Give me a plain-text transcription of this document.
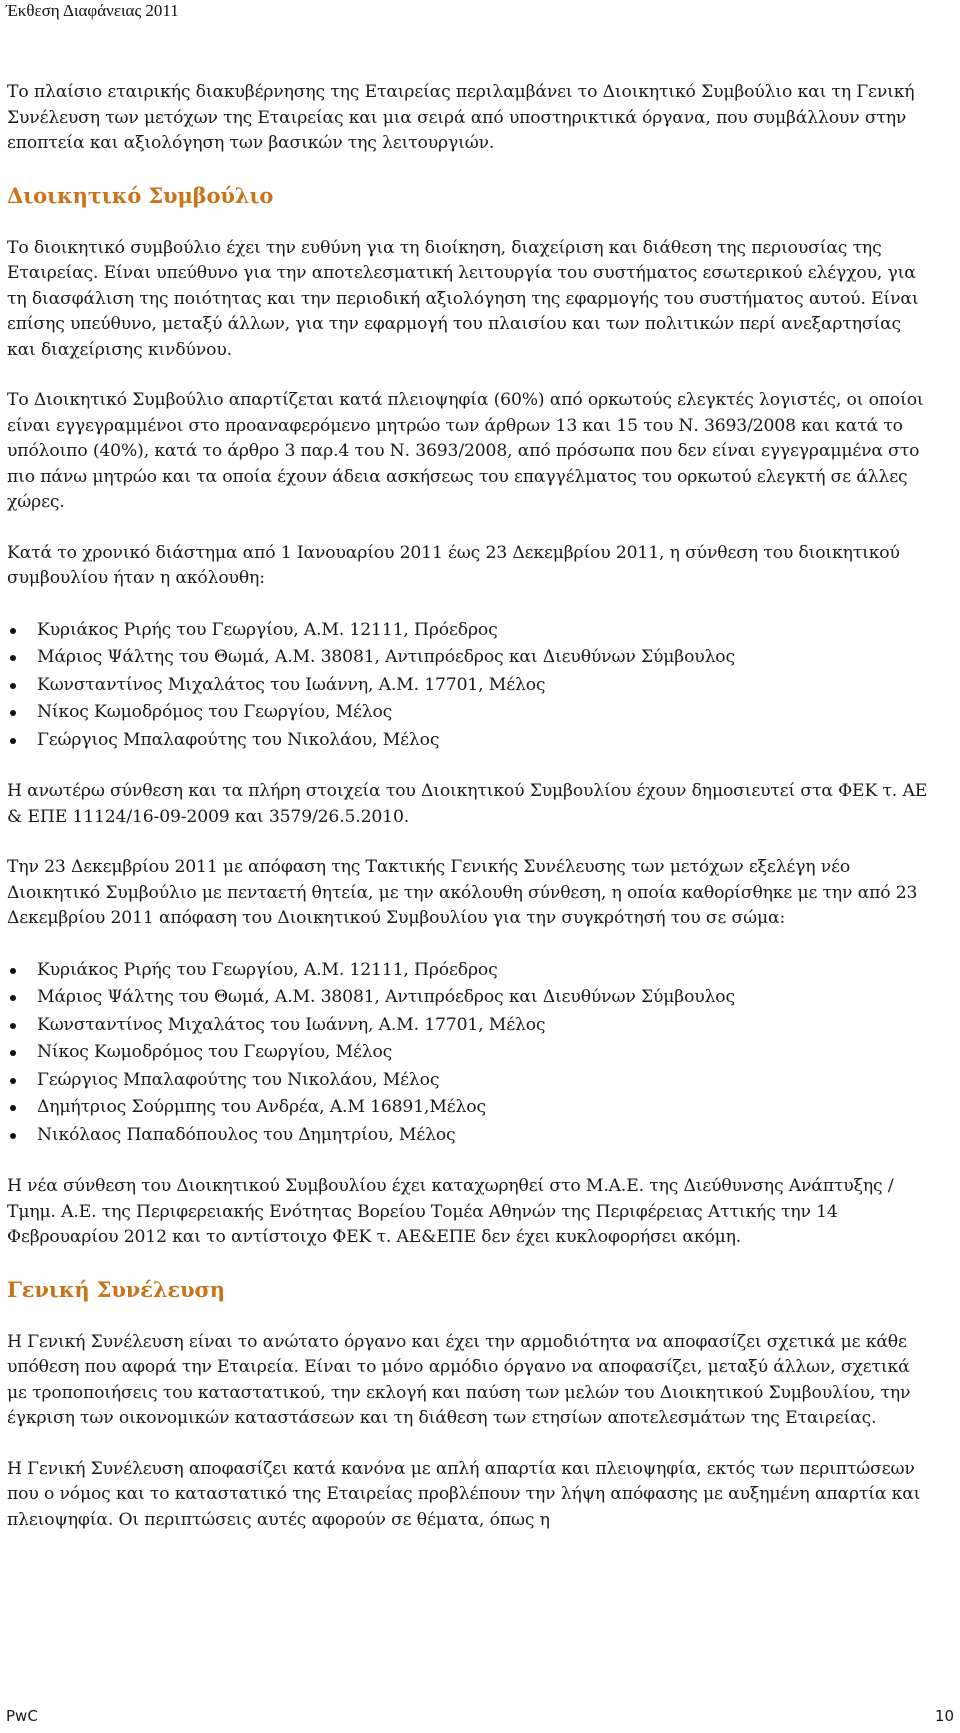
Έκθεση Διαφάνειας 2011

Το πλαίσιο εταιρικής διακυβέρνησης της Εταιρείας περιλαμβάνει το Διοικητικό Συμβούλιο και τη Γενική Συνέλευση των μετόχων της Εταιρείας και μια σειρά από υποστηρικτικά όργανα, που συμβάλλουν στην εποπτεία και αξιολόγηση των βασικών της λειτουργιών.

Διοικητικό Συμβούλιο

Το διοικητικό συμβούλιο έχει την ευθύνη για τη διοίκηση, διαχείριση και διάθεση της περιουσίας της Εταιρείας. Είναι υπεύθυνο για την αποτελεσματική λειτουργία του συστήματος εσωτερικού ελέγχου, για τη διασφάλιση της ποιότητας και την περιοδική αξιολόγηση της εφαρμογής του συστήματος αυτού. Είναι επίσης υπεύθυνο, μεταξύ άλλων, για την εφαρμογή του πλαισίου και των πολιτικών περί ανεξαρτησίας και διαχείρισης κινδύνου.

Το Διοικητικό Συμβούλιο απαρτίζεται κατά πλειοψηφία (60%) από ορκωτούς ελεγκτές λογιστές, οι οποίοι είναι εγγεγραμμένοι στο προαναφερόμενο μητρώο των άρθρων 13 και 15 του Ν. 3693/2008 και κατά το υπόλοιπο (40%), κατά το άρθρο 3 παρ.4 του Ν. 3693/2008, από πρόσωπα που δεν είναι εγγεγραμμένα στο πιο πάνω μητρώο και τα οποία έχουν άδεια ασκήσεως του επαγγέλματος του ορκωτού ελεγκτή σε άλλες χώρες.

Κατά το χρονικό διάστημα από 1 Ιανουαρίου 2011 έως 23 Δεκεμβρίου 2011, η σύνθεση του διοικητικού συμβουλίου ήταν η ακόλουθη:

Κυριάκος Ριρής του Γεωργίου, Α.Μ. 12111, Πρόεδρος
Μάριος Ψάλτης του Θωμά, Α.Μ. 38081, Αντιπρόεδρος και Διευθύνων Σύμβουλος
Κωνσταντίνος Μιχαλάτος του Ιωάννη, Α.Μ. 17701, Μέλος
Νίκος Κωμοδρόμος του Γεωργίου, Μέλος
Γεώργιος Μπαλαφούτης του Νικολάου, Μέλος

Η ανωτέρω σύνθεση και τα πλήρη στοιχεία του Διοικητικού Συμβουλίου έχουν δημοσιευτεί στα ΦΕΚ τ. ΑΕ & ΕΠΕ 11124/16-09-2009 και 3579/26.5.2010.

Την 23 Δεκεμβρίου 2011 με απόφαση της Τακτικής Γενικής Συνέλευσης των μετόχων εξελέγη νέο Διοικητικό Συμβούλιο με πενταετή θητεία, με την ακόλουθη σύνθεση, η οποία καθορίσθηκε με την από 23 Δεκεμβρίου 2011 απόφαση του Διοικητικού Συμβουλίου για την συγκρότησή του σε σώμα:

Κυριάκος Ριρής του Γεωργίου, Α.Μ. 12111, Πρόεδρος
Μάριος Ψάλτης του Θωμά, Α.Μ. 38081, Αντιπρόεδρος και Διευθύνων Σύμβουλος
Κωνσταντίνος Μιχαλάτος του Ιωάννη, Α.Μ. 17701, Μέλος
Νίκος Κωμοδρόμος του Γεωργίου, Μέλος
Γεώργιος Μπαλαφούτης του Νικολάου, Μέλος
Δημήτριος Σούρμπης του Ανδρέα, Α.Μ 16891,Μέλος
Νικόλαος Παπαδόπουλος του Δημητρίου, Μέλος

Η νέα σύνθεση του Διοικητικού Συμβουλίου έχει καταχωρηθεί στο Μ.Α.Ε. της Διεύθυνσης Ανάπτυξης / Τμημ. Α.Ε. της Περιφερειακής Ενότητας Βορείου Τομέα Αθηνών της Περιφέρειας Αττικής την 14 Φεβρουαρίου 2012 και το αντίστοιχο ΦΕΚ τ. ΑΕ&ΕΠΕ δεν έχει κυκλοφορήσει ακόμη.

Γενική Συνέλευση

Η Γενική Συνέλευση είναι το ανώτατο όργανο και έχει την αρμοδιότητα να αποφασίζει σχετικά με κάθε υπόθεση που αφορά την Εταιρεία. Είναι το μόνο αρμόδιο όργανο να αποφασίζει, μεταξύ άλλων, σχετικά με τροποποιήσεις του καταστατικού, την εκλογή και παύση των μελών του Διοικητικού Συμβουλίου, την έγκριση των οικονομικών καταστάσεων και τη διάθεση των ετησίων αποτελεσμάτων της Εταιρείας.

Η Γενική Συνέλευση αποφασίζει κατά κανόνα με απλή απαρτία και πλειοψηφία, εκτός των περιπτώσεων που ο νόμος και το καταστατικό της Εταιρείας προβλέπουν την λήψη απόφασης με αυξημένη απαρτία και πλειοψηφία. Οι περιπτώσεις αυτές αφορούν σε θέματα, όπως η

PwC	10
